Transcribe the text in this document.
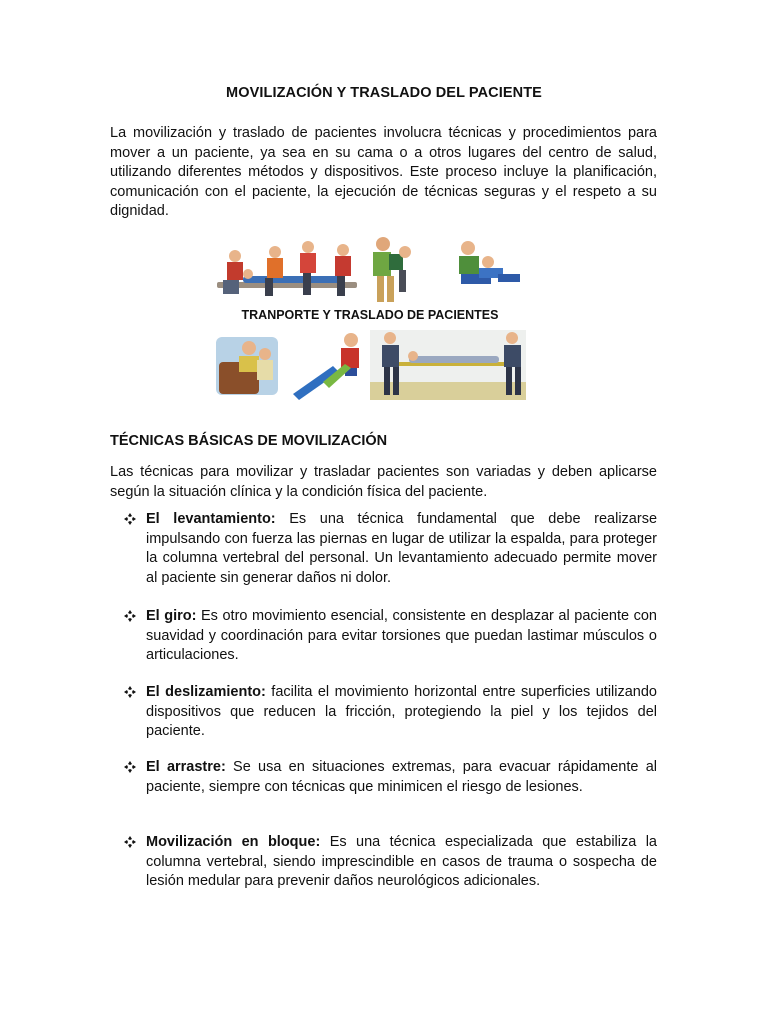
MOVILIZACIÓN Y TRASLADO DEL PACIENTE
La movilización y traslado de pacientes involucra técnicas y procedimientos para mover a un paciente, ya sea en su cama o a otros lugares del centro de salud, utilizando diferentes métodos y dispositivos. Este proceso incluye la planificación, comunicación con el paciente, la ejecución de técnicas seguras y el respeto a su dignidad.
TRANPORTE Y TRASLADO DE PACIENTES
TÉCNICAS BÁSICAS DE MOVILIZACIÓN
Las técnicas para movilizar y trasladar pacientes son variadas y deben aplicarse según la situación clínica y la condición física del paciente.
El levantamiento: Es una técnica fundamental que debe realizarse impulsando con fuerza las piernas en lugar de utilizar la espalda, para proteger la columna vertebral del personal. Un levantamiento adecuado permite mover al paciente sin generar daños ni dolor.
El giro: Es otro movimiento esencial, consistente en desplazar al paciente con suavidad y coordinación para evitar torsiones que puedan lastimar músculos o articulaciones.
El deslizamiento: facilita el movimiento horizontal entre superficies utilizando dispositivos que reducen la fricción, protegiendo la piel y los tejidos del paciente.
El arrastre: Se usa en situaciones extremas, para evacuar rápidamente al paciente, siempre con técnicas que minimicen el riesgo de lesiones.
Movilización en bloque: Es una técnica especializada que estabiliza la columna vertebral, siendo imprescindible en casos de trauma o sospecha de lesión medular para prevenir daños neurológicos adicionales.
